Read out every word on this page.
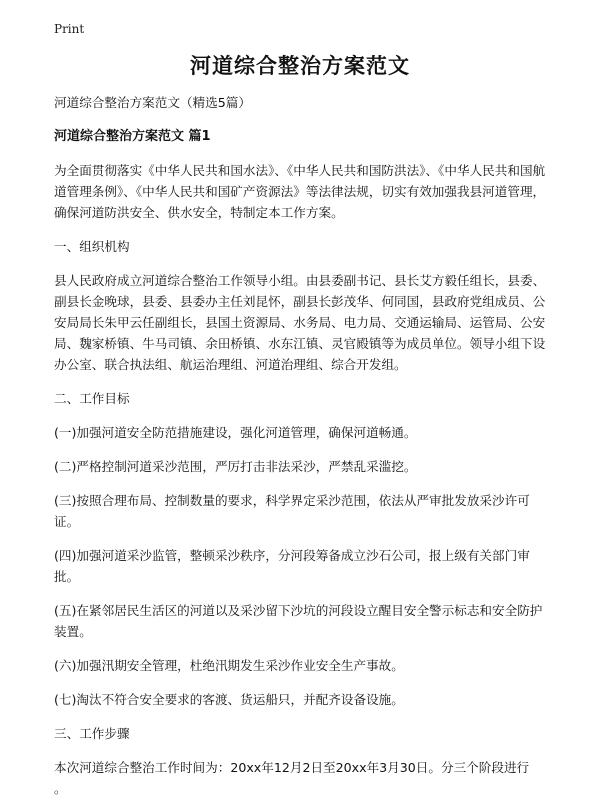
Print
河道综合整治方案范文

河道综合整治方案范文（精选5篇）

河道综合整治方案范文 篇1

为全面贯彻落实《中华人民共和国水法》、《中华人民共和国防洪法》、《中华人民共和国航道管理条例》、《中华人民共和国矿产资源法》等法律法规，切实有效加强我县河道管理，确保河道防洪安全、供水安全，特制定本工作方案。

一、组织机构

县人民政府成立河道综合整治工作领导小组。由县委副书记、县长艾方毅任组长，县委、副县长金晚球，县委、县委办主任刘昆怀，副县长彭茂华、何同国，县政府党组成员、公安局局长朱甲云任副组长，县国土资源局、水务局、电力局、交通运输局、运管局、公安局、魏家桥镇、牛马司镇、余田桥镇、水东江镇、灵官殿镇等为成员单位。领导小组下设办公室、联合执法组、航运治理组、河道治理组、综合开发组。

二、工作目标

(一)加强河道安全防范措施建设，强化河道管理，确保河道畅通。

(二)严格控制河道采沙范围，严厉打击非法采沙，严禁乱采滥挖。

(三)按照合理布局、控制数量的要求，科学界定采沙范围，依法从严审批发放采沙许可证。

(四)加强河道采沙监管，整顿采沙秩序，分河段筹备成立沙石公司，报上级有关部门审批。

(五)在紧邻居民生活区的河道以及采沙留下沙坑的河段设立醒目安全警示标志和安全防护装置。

(六)加强汛期安全管理，杜绝汛期发生采沙作业安全生产事故。

(七)淘汰不符合安全要求的客渡、货运船只，并配齐设备设施。

三、工作步骤

本次河道综合整治工作时间为：20xx年12月2日至20xx年3月30日。分三个阶段进行

。
